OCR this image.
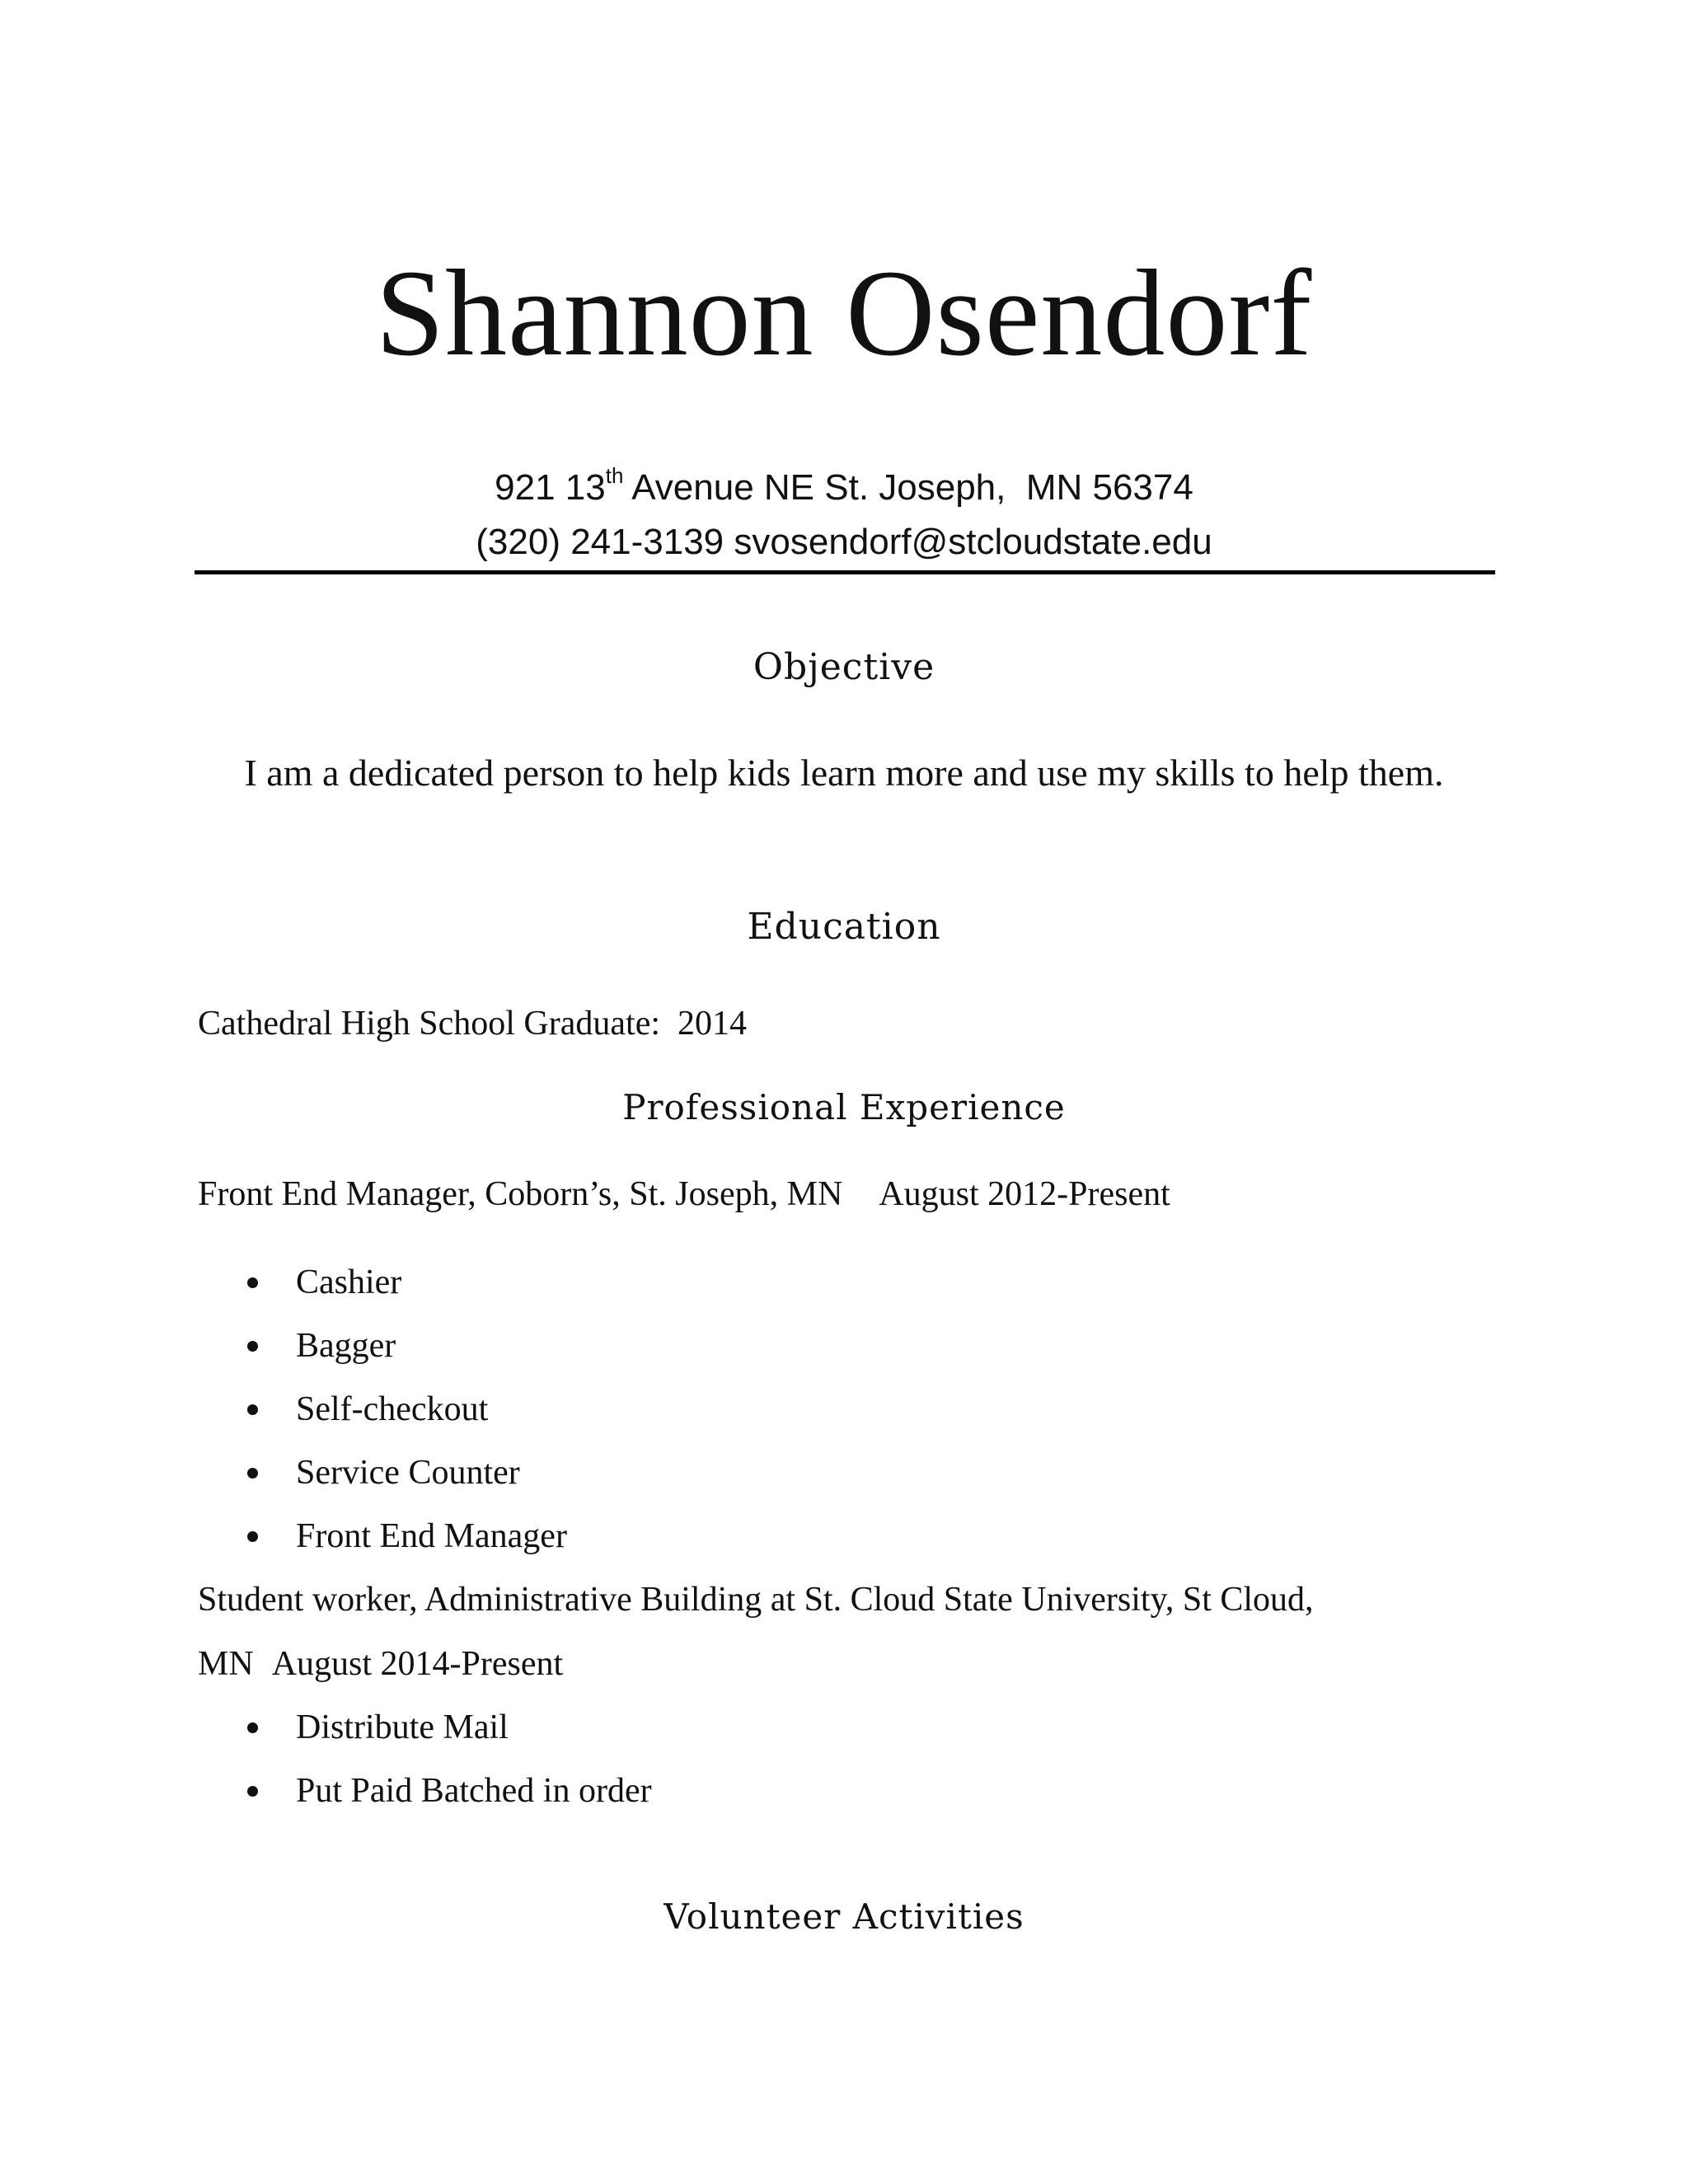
Shannon Osendorf
921 13th Avenue NE St. Joseph,  MN 56374
(320) 241-3139 svosendorf@stcloudstate.edu
Objective
I am a dedicated person to help kids learn more and use my skills to help them.
Education
Cathedral High School Graduate:  2014
Professional Experience
Front End Manager, Coborn’s, St. Joseph, MN August 2012-Present
Cashier
Bagger
Self-checkout
Service Counter
Front End Manager
Student worker, Administrative Building at St. Cloud State University, St Cloud,
MN August 2014-Present
Distribute Mail
Put Paid Batched in order
Volunteer Activities
